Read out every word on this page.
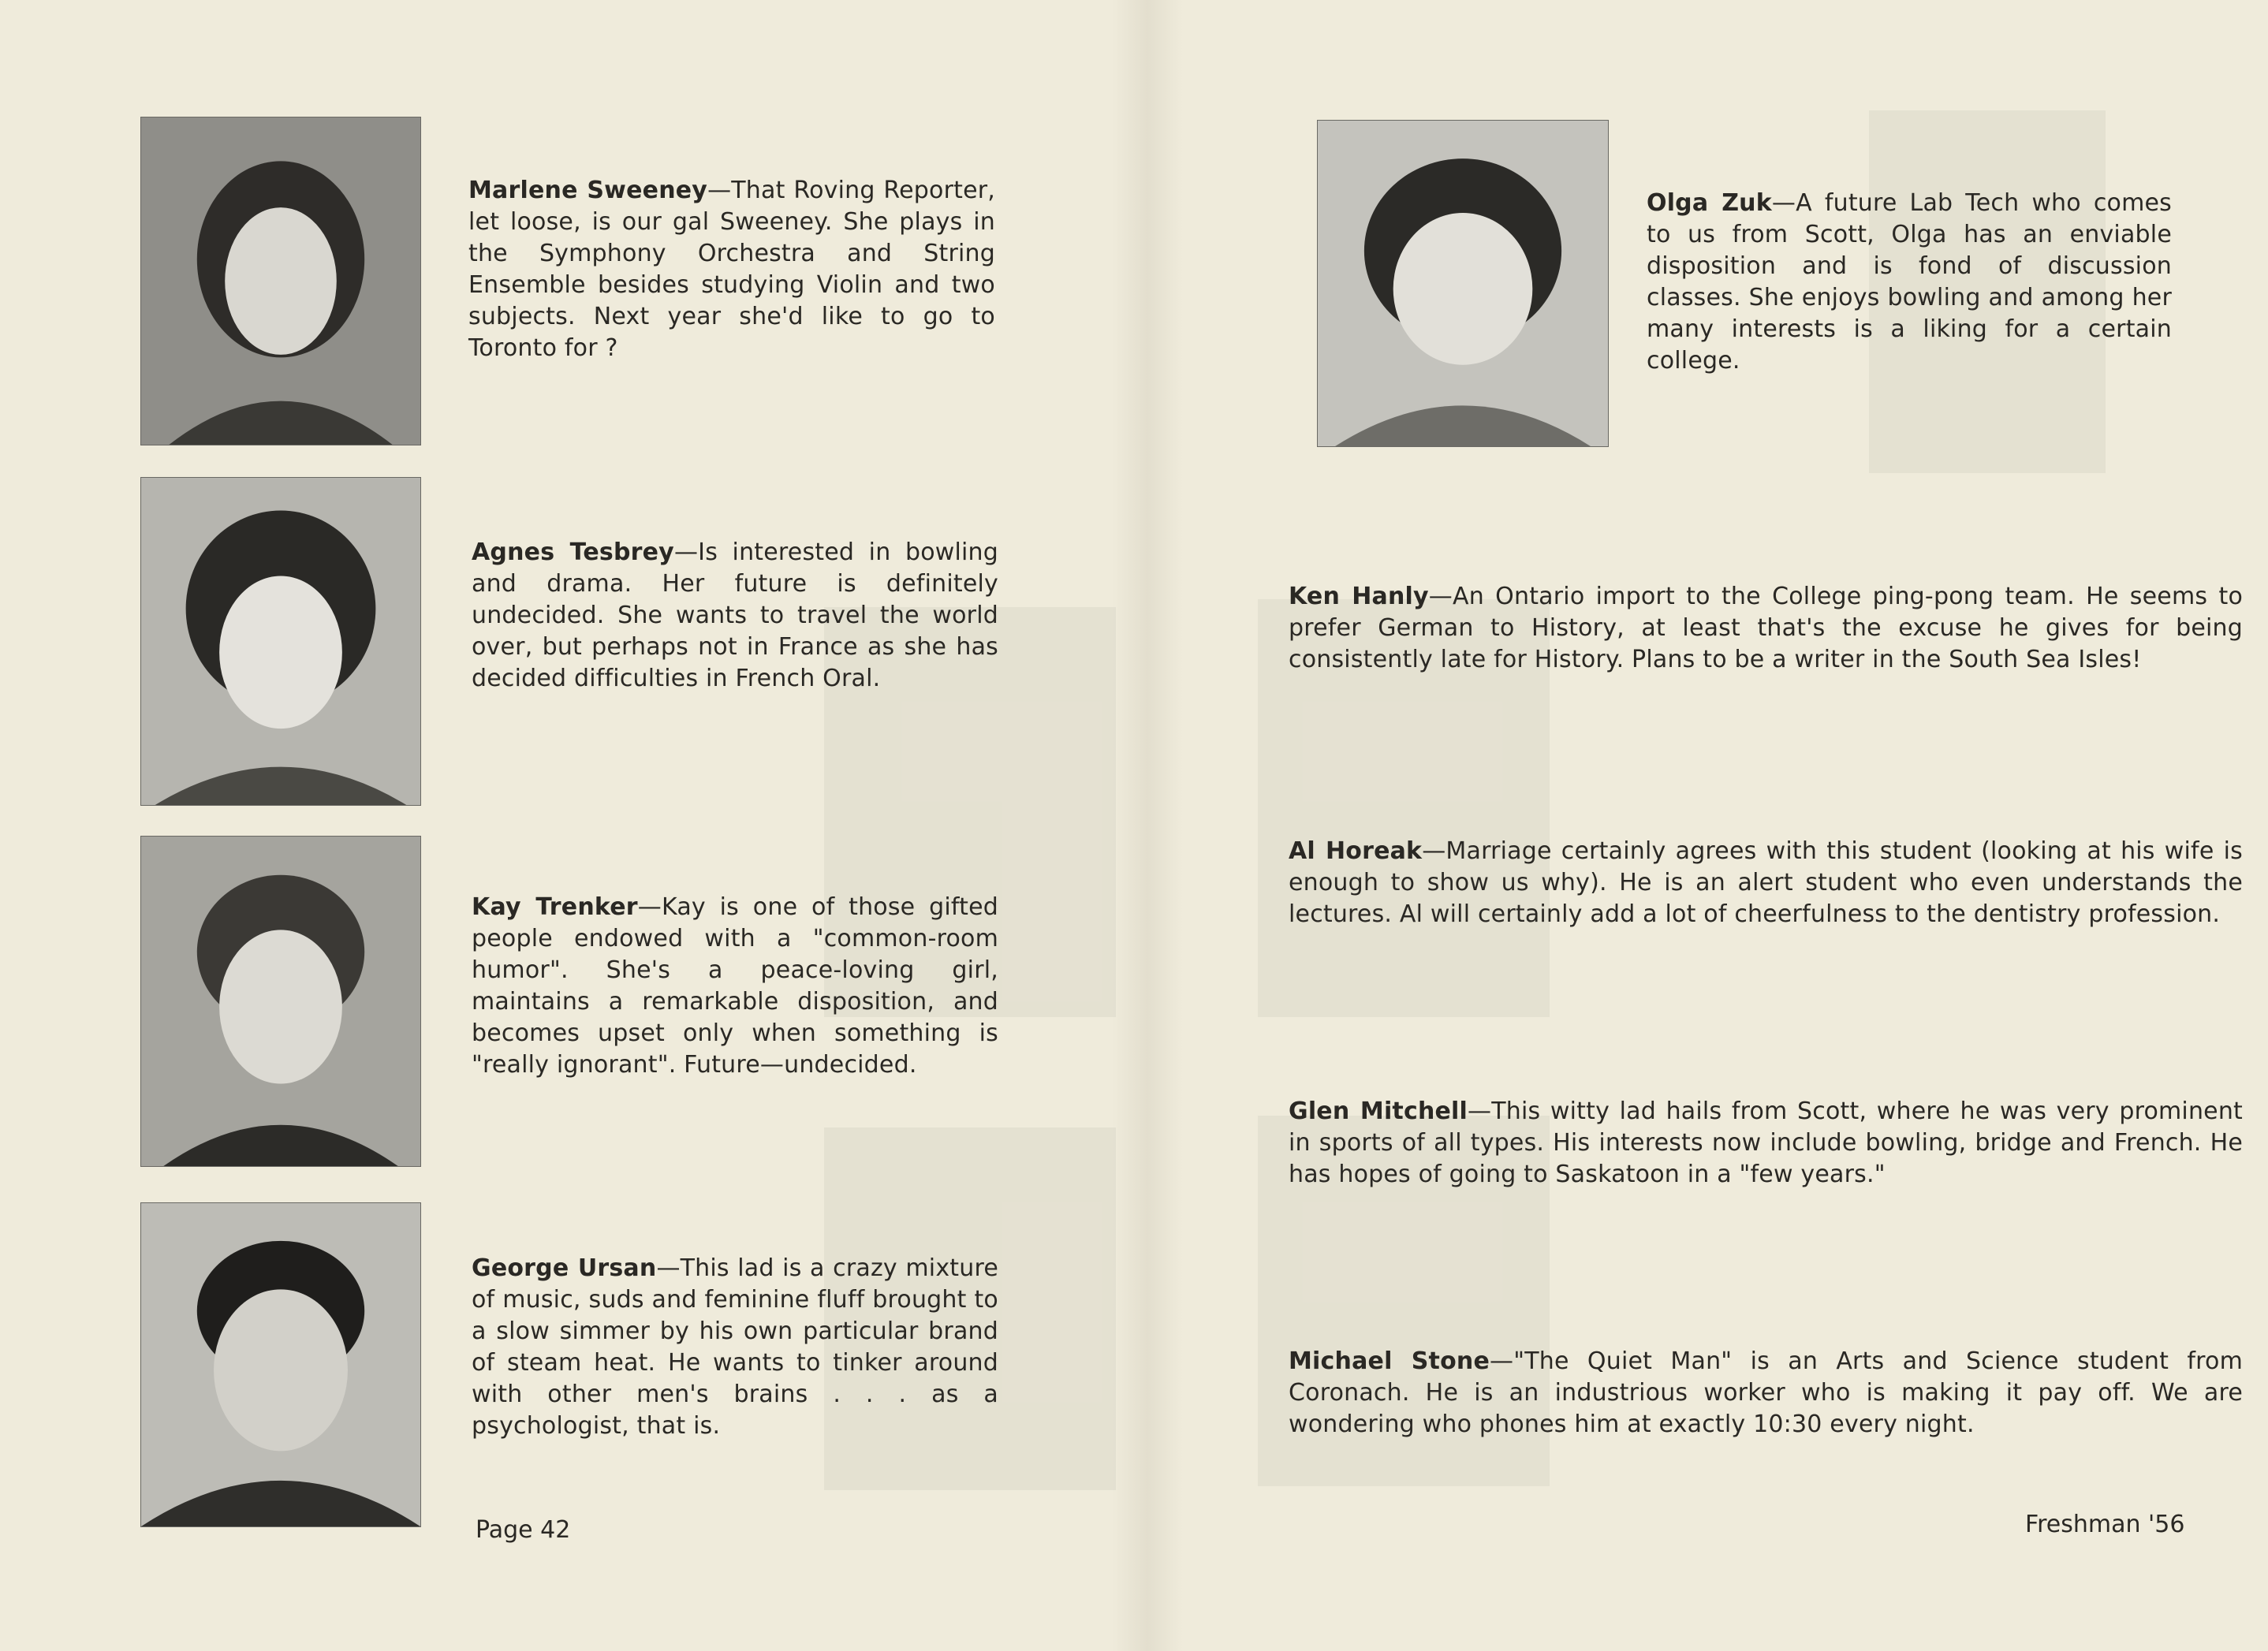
Marlene Sweeney—That Roving Reporter, let loose, is our gal Sweeney. She plays in the Symphony Orchestra and String Ensemble besides studying Violin and two subjects. Next year she'd like to go to Toronto for ?

Agnes Tesbrey—Is interested in bowling and drama. Her future is definitely undecided. She wants to travel the world over, but perhaps not in France as she has decided difficulties in French Oral.

Kay Trenker—Kay is one of those gifted people endowed with a "common-room humor". She's a peace-loving girl, maintains a remarkable disposition, and becomes upset only when something is "really ignorant". Future—undecided.

George Ursan—This lad is a crazy mixture of music, suds and feminine fluff brought to a slow simmer by his own particular brand of steam heat. He wants to tinker around with other men's brains . . . as a psychologist, that is.

Page 42

Olga Zuk—A future Lab Tech who comes to us from Scott, Olga has an enviable disposition and is fond of discussion classes. She enjoys bowling and among her many interests is a liking for a certain college.

Ken Hanly—An Ontario import to the College ping-pong team. He seems to prefer German to History, at least that's the excuse he gives for being consistently late for History. Plans to be a writer in the South Sea Isles!

Al Horeak—Marriage certainly agrees with this student (looking at his wife is enough to show us why). He is an alert student who even understands the lectures. Al will certainly add a lot of cheerfulness to the dentistry profession.

Glen Mitchell—This witty lad hails from Scott, where he was very prominent in sports of all types. His interests now include bowling, bridge and French. He has hopes of going to Saskatoon in a "few years."

Michael Stone—"The Quiet Man" is an Arts and Science student from Coronach. He is an industrious worker who is making it pay off. We are wondering who phones him at exactly 10:30 every night.

Freshman '56
